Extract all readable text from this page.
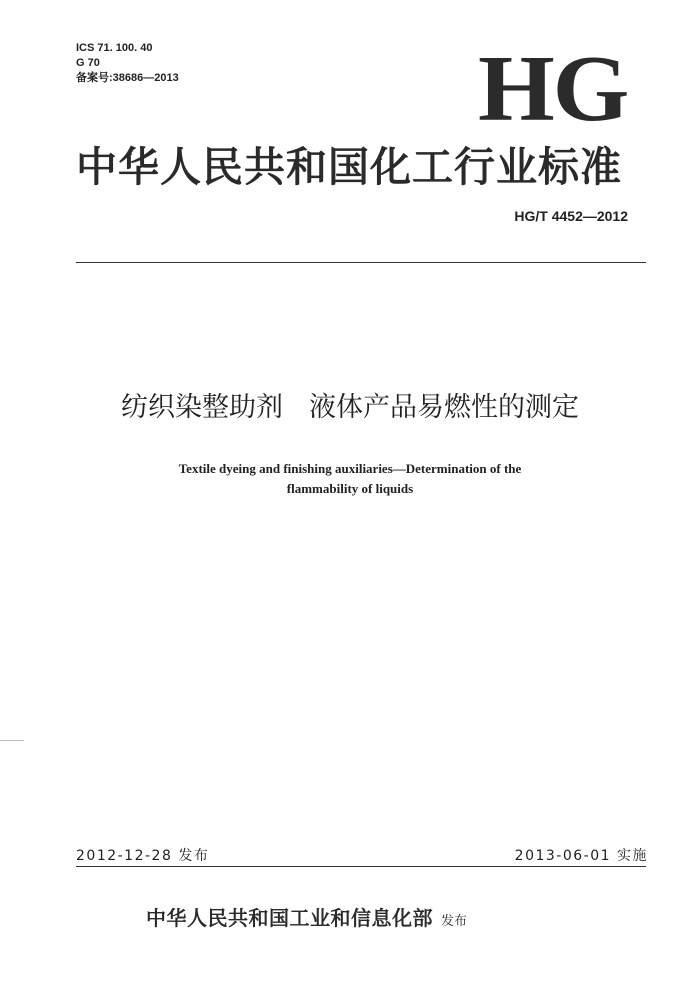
ICS 71. 100. 40
G 70
备案号:38686—2013	HG
中华人民共和国化工行业标准
HG/T 4452—2012
纺织染整助剂 液体产品易燃性的测定
Textile dyeing and finishing auxiliaries—Determination of the
flammability of liquids
2012-12-28 发布	2013-06-01 实施
中华人民共和国工业和信息化部 发布
